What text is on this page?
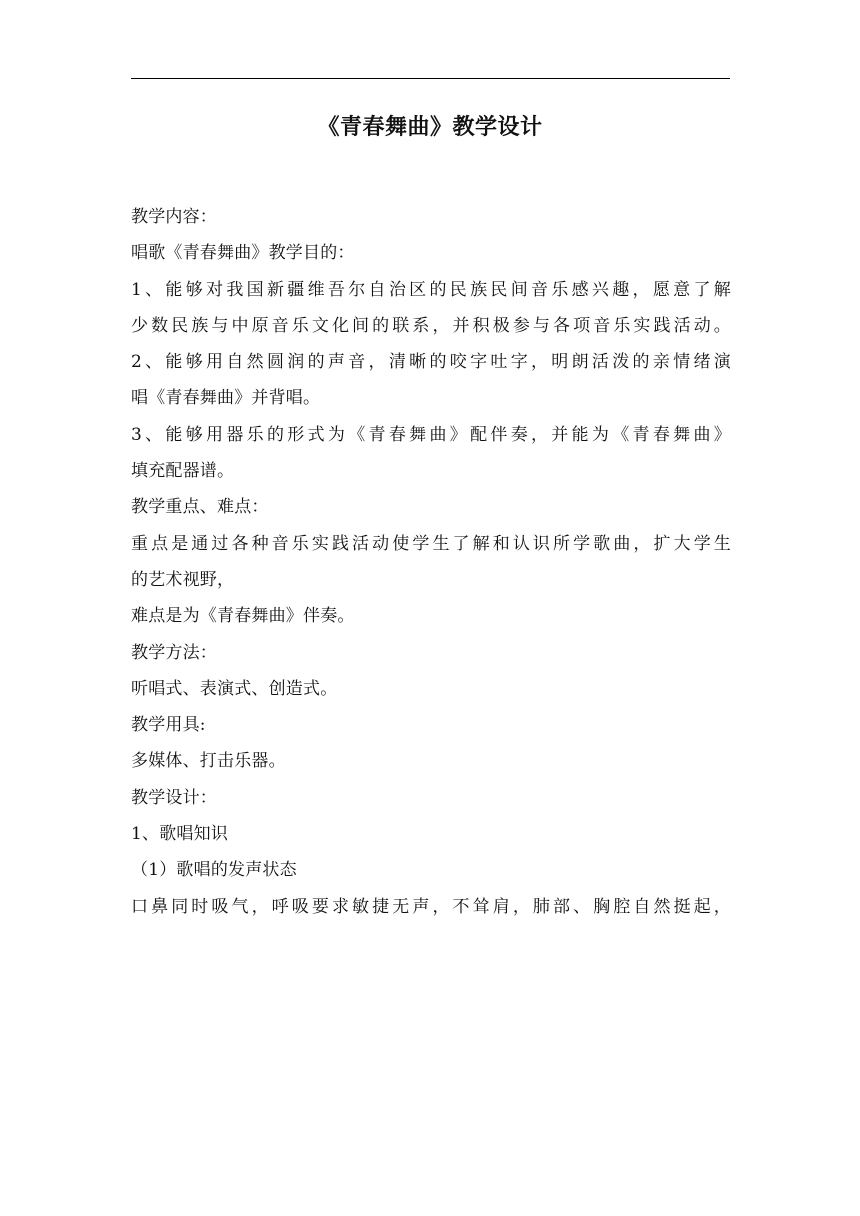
《青春舞曲》教学设计
教学内容：
唱歌《青春舞曲》教学目的：
1、能够对我国新疆维吾尔自治区的民族民间音乐感兴趣，愿意了解
少数民族与中原音乐文化间的联系，并积极参与各项音乐实践活动。
2、能够用自然圆润的声音，清晰的咬字吐字，明朗活泼的亲情绪演
唱《青春舞曲》并背唱。
3、能够用器乐的形式为《青春舞曲》配伴奏，并能为《青春舞曲》
填充配器谱。
教学重点、难点：
重点是通过各种音乐实践活动使学生了解和认识所学歌曲，扩大学生
的艺术视野，
难点是为《青春舞曲》伴奏。
教学方法：
听唱式、表演式、创造式。
教学用具:
多媒体、打击乐器。
教学设计：
1、歌唱知识
（1）歌唱的发声状态
口鼻同时吸气，呼吸要求敏捷无声，不耸肩，肺部、胸腔自然挺起，
